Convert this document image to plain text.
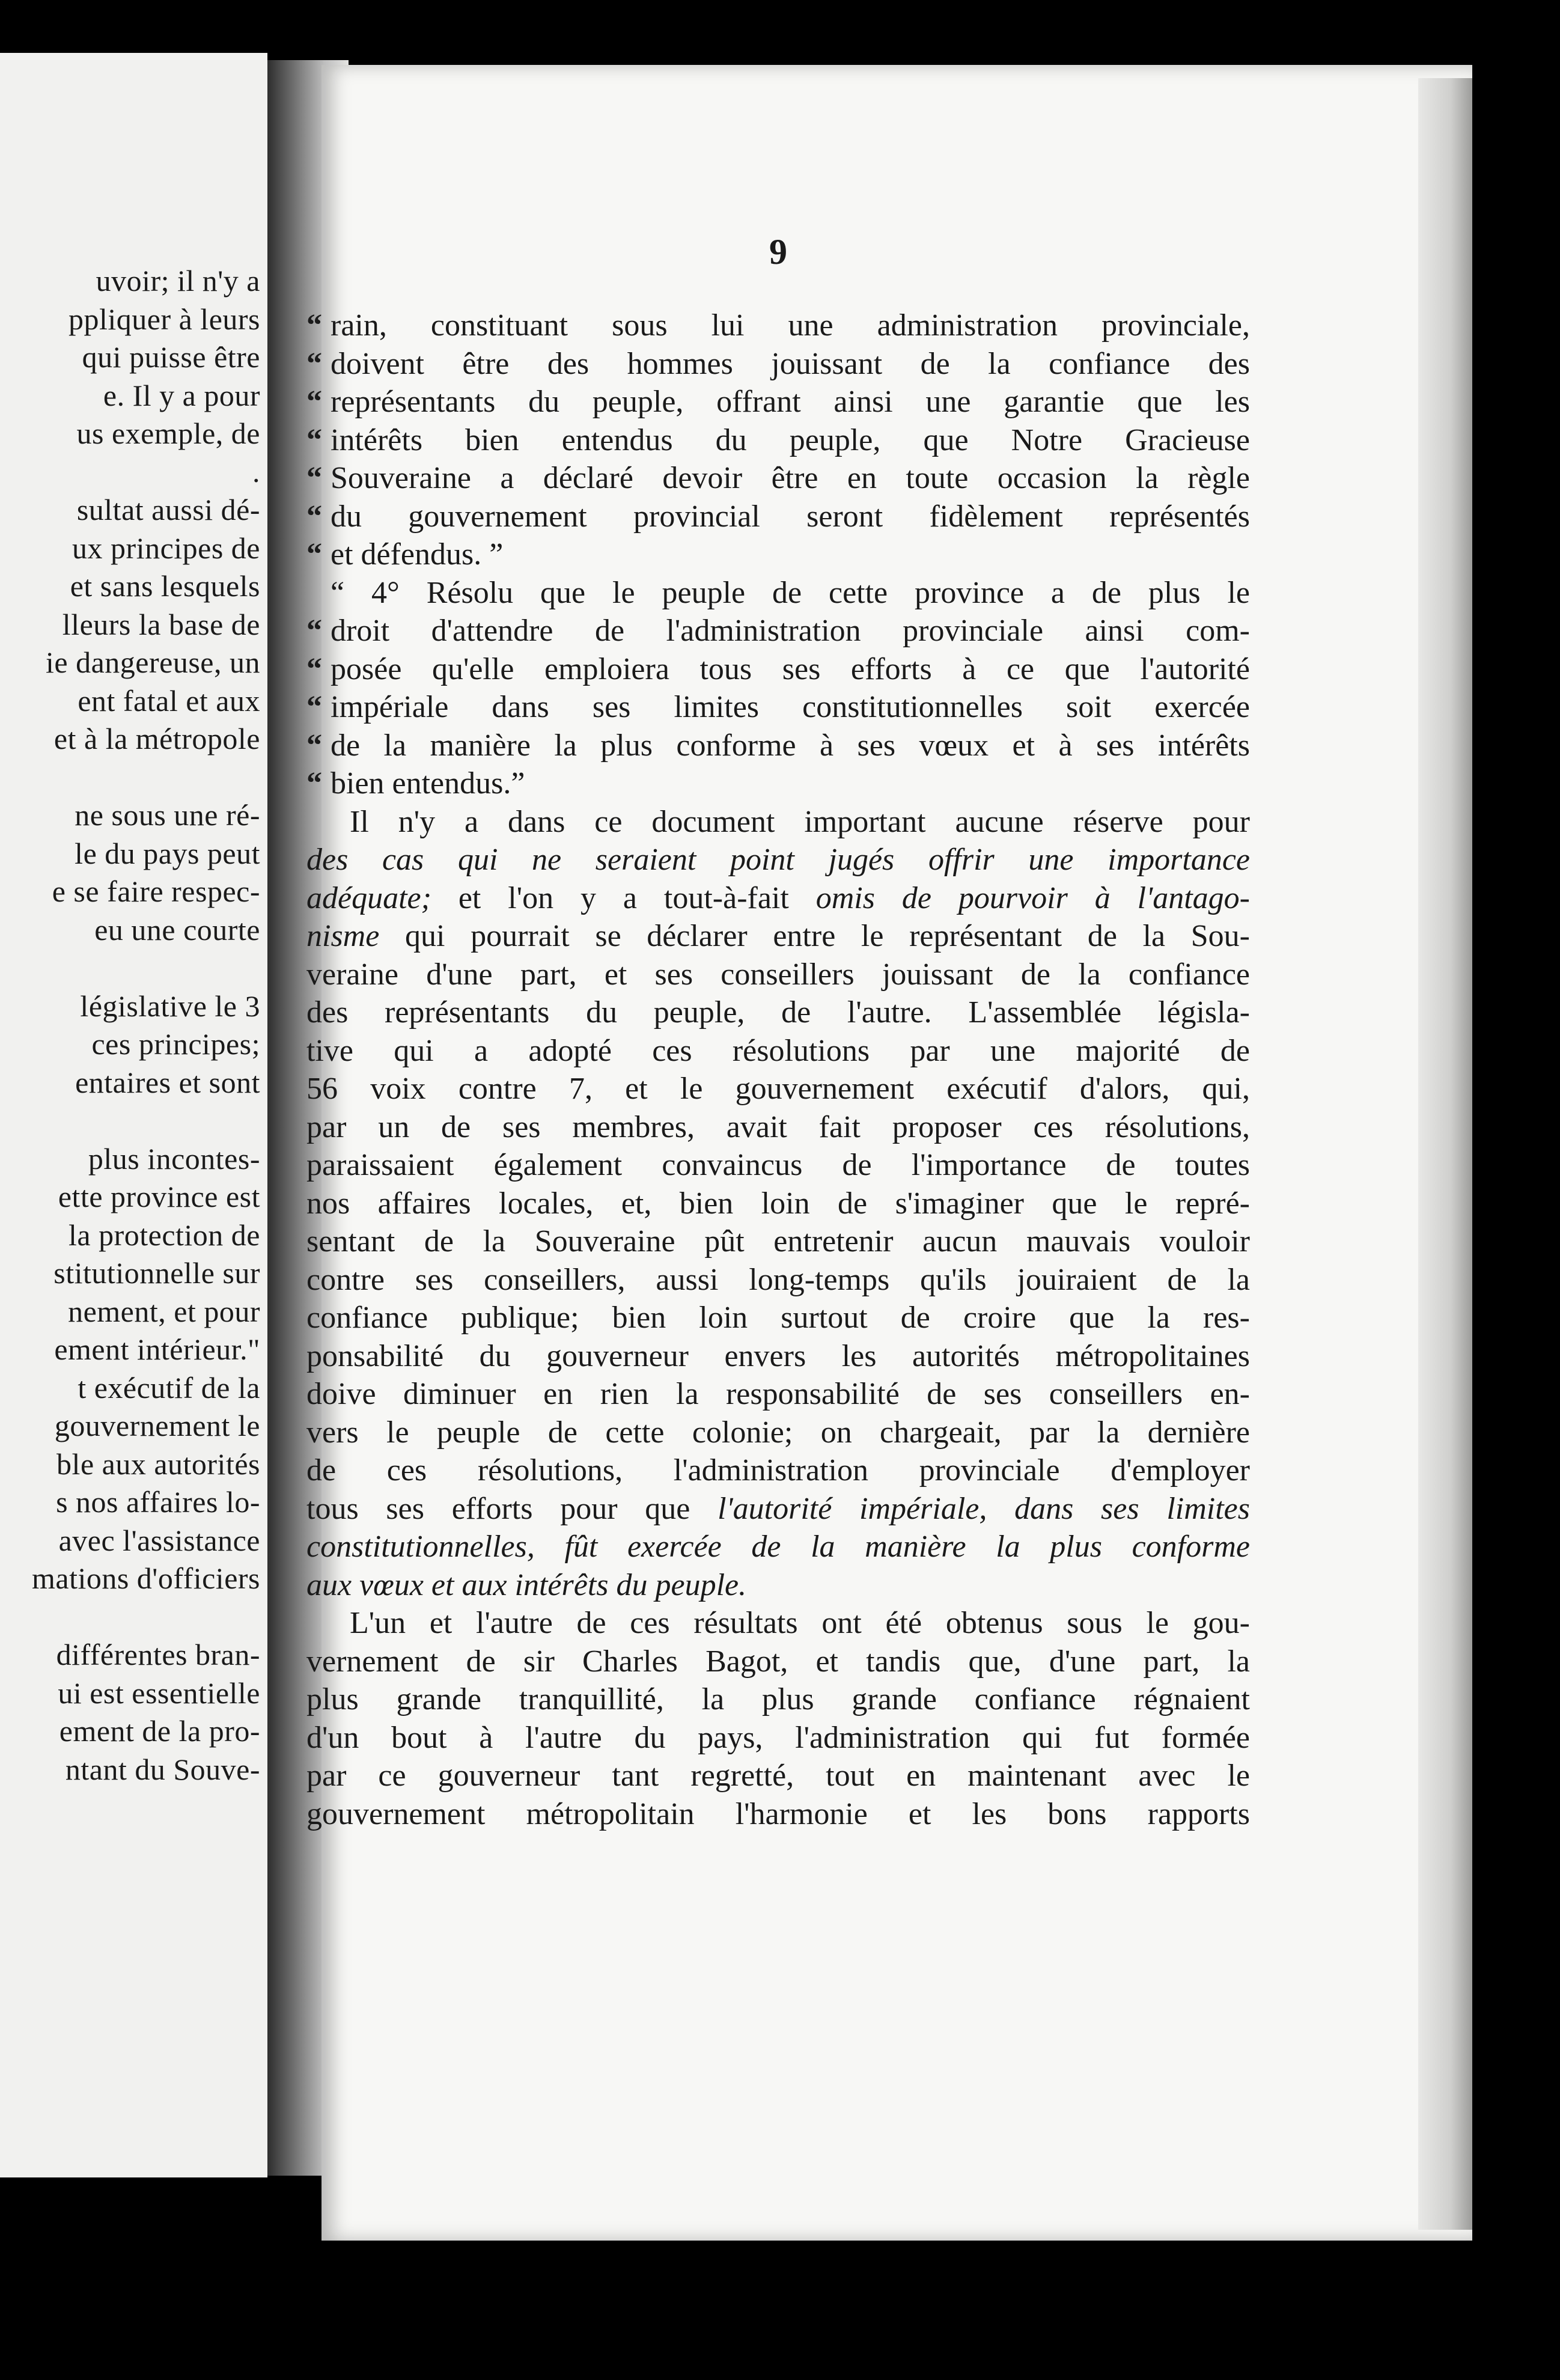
uvoir; il n'y a
ppliquer à leurs
qui puisse être
e. Il y a pour
us exemple, de
.
sultat aussi dé-
ux principes de
et sans lesquels
lleurs la base de
ie dangereuse, un
ent fatal et aux
et à la métropole
ne sous une ré-
le du pays peut
e se faire respec-
eu une courte
législative le 3
ces principes;
entaires et sont
plus incontes-
ette province est
la protection de
stitutionnelle sur
nement, et pour
ement intérieur."
t exécutif de la
gouvernement le
ble aux autorités
s nos affaires lo-
avec l'assistance
mations d'officiers
différentes bran-
ui est essentielle
ement de la pro-
ntant du Souve-
9
“ rain, constituant sous lui une administration provinciale,
“ doivent être des hommes jouissant de la confiance des
“ représentants du peuple, offrant ainsi une garantie que les
“ intérêts bien entendus du peuple, que Notre Gracieuse
“ Souveraine a déclaré devoir être en toute occasion la règle
“ du gouvernement provincial seront fidèlement représentés
“ et défendus. ”
“ 4° Résolu que le peuple de cette province a de plus le
“ droit d'attendre de l'administration provinciale ainsi com-
“ posée qu'elle emploiera tous ses efforts à ce que l'autorité
“ impériale dans ses limites constitutionnelles soit exercée
“ de la manière la plus conforme à ses vœux et à ses intérêts
“ bien entendus.”
Il n'y a dans ce document important aucune réserve pour
des cas qui ne seraient point jugés offrir une importance
adéquate; et l'on y a tout-à-fait omis de pourvoir à l'antago-
nisme qui pourrait se déclarer entre le représentant de la Sou-
veraine d'une part, et ses conseillers jouissant de la confiance
des représentants du peuple, de l'autre. L'assemblée législa-
tive qui a adopté ces résolutions par une majorité de
56 voix contre 7, et le gouvernement exécutif d'alors, qui,
par un de ses membres, avait fait proposer ces résolutions,
paraissaient également convaincus de l'importance de toutes
nos affaires locales, et, bien loin de s'imaginer que le repré-
sentant de la Souveraine pût entretenir aucun mauvais vouloir
contre ses conseillers, aussi long-temps qu'ils jouiraient de la
confiance publique; bien loin surtout de croire que la res-
ponsabilité du gouverneur envers les autorités métropolitaines
doive diminuer en rien la responsabilité de ses conseillers en-
vers le peuple de cette colonie; on chargeait, par la dernière
de ces résolutions, l'administration provinciale d'employer
tous ses efforts pour que l'autorité impériale, dans ses limites
constitutionnelles, fût exercée de la manière la plus conforme
aux vœux et aux intérêts du peuple.
L'un et l'autre de ces résultats ont été obtenus sous le gou-
vernement de sir Charles Bagot, et tandis que, d'une part, la
plus grande tranquillité, la plus grande confiance régnaient
d'un bout à l'autre du pays, l'administration qui fut formée
par ce gouverneur tant regretté, tout en maintenant avec le
gouvernement métropolitain l'harmonie et les bons rapports
